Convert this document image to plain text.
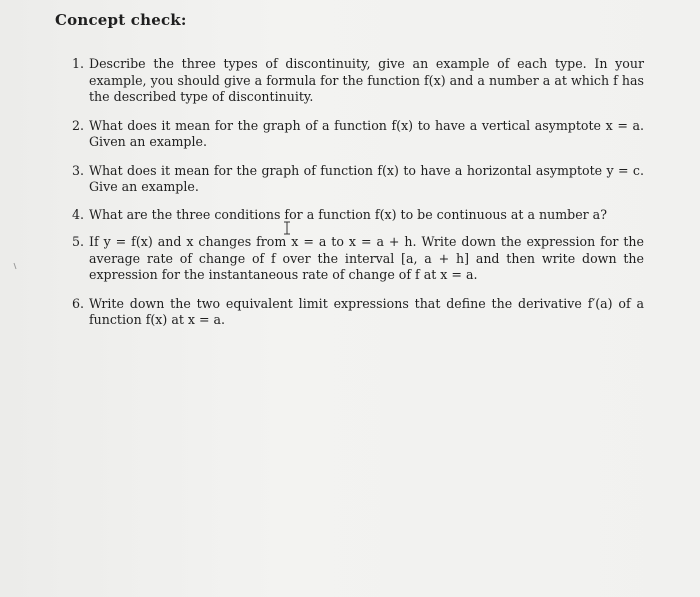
Concept check:
1. Describe the three types of discontinuity, give an example of each type. In your example, you should give a formula for the function f(x) and a number a at which f has the described type of discontinuity.
2. What does it mean for the graph of a function f(x) to have a vertical asymptote x = a. Given an example.
3. What does it mean for the graph of function f(x) to have a horizontal asymptote y = c. Give an example.
4. What are the three conditions for a function f(x) to be continuous at a number a?
5. If y = f(x) and x changes from x = a to x = a + h. Write down the expression for the average rate of change of f over the interval [a, a + h] and then write down the expression for the instantaneous rate of change of f at x = a.
6. Write down the two equivalent limit expressions that define the derivative f′(a) of a function f(x) at x = a.
